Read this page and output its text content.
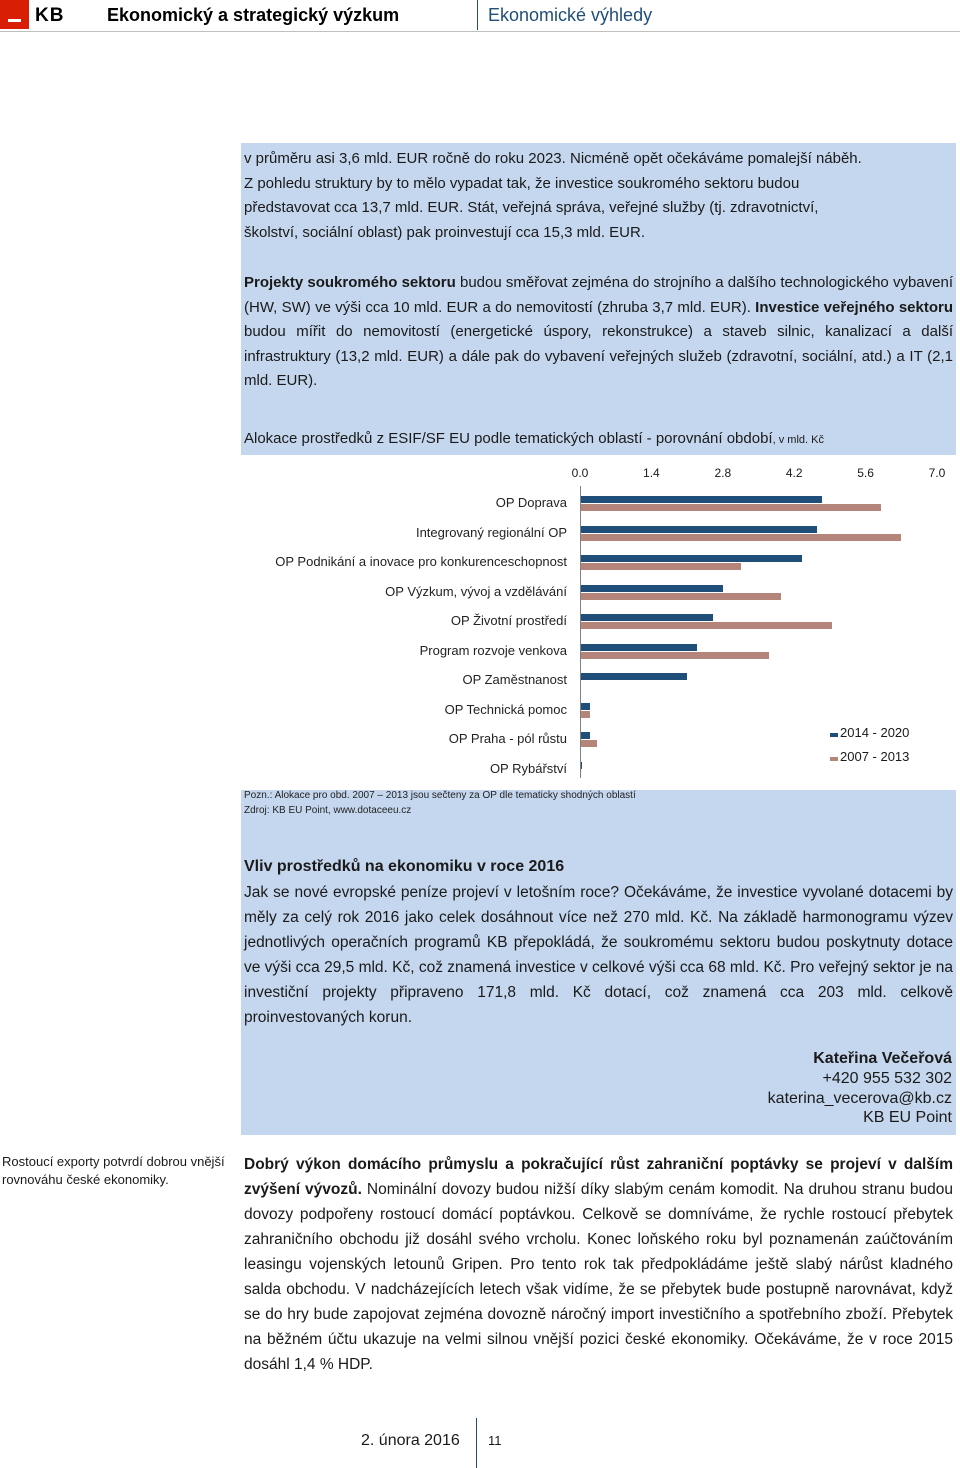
KB Ekonomický a strategický výzkum	Ekonomické výhledy
v průměru asi 3,6 mld. EUR ročně do roku 2023. Nicméně opět očekáváme pomalejší náběh.
Z pohledu struktury by to mělo vypadat tak, že investice soukromého sektoru budou
představovat cca 13,7 mld. EUR. Stát, veřejná správa, veřejné služby (tj. zdravotnictví,
školství, sociální oblast) pak proinvestují cca 15,3 mld. EUR.
Projekty soukromého sektoru budou směřovat zejména do strojního a dalšího technologického vybavení (HW, SW) ve výši cca 10 mld. EUR a do nemovitostí (zhruba 3,7 mld. EUR). Investice veřejného sektoru budou mířit do nemovitostí (energetické úspory, rekonstrukce) a staveb silnic, kanalizací a další infrastruktury (13,2 mld. EUR) a dále pak do vybavení veřejných služeb (zdravotní, sociální, atd.) a IT (2,1 mld. EUR).
Alokace prostředků z ESIF/SF EU podle tematických oblastí - porovnání období, v mld. Kč
0.0	1.4	2.8	4.2	5.6	7.0
OP Doprava
Integrovaný regionální OP
OP Podnikání a inovace pro konkurenceschopnost
OP Výzkum, vývoj a vzdělávání
OP Životní prostředí
Program rozvoje venkova
OP Zaměstnanost
OP Technická pomoc
OP Praha - pól růstu
OP Rybářství
2014 - 2020
2007 - 2013
Pozn.: Alokace pro obd. 2007 – 2013 jsou sečteny za OP dle tematicky shodných oblastí
Zdroj: KB EU Point, www.dotaceeu.cz
Vliv prostředků na ekonomiku v roce 2016
Jak se nové evropské peníze projeví v letošním roce? Očekáváme, že investice vyvolané dotacemi by měly za celý rok 2016 jako celek dosáhnout více než 270 mld. Kč. Na základě harmonogramu výzev jednotlivých operačních programů KB přepokládá, že soukromému sektoru budou poskytnuty dotace ve výši cca 29,5 mld. Kč, což znamená investice v celkové výši cca 68 mld. Kč. Pro veřejný sektor je na investiční projekty připraveno 171,8 mld. Kč dotací, což znamená cca 203 mld. celkově proinvestovaných korun.
Kateřina Večeřová
+420 955 532 302
katerina_vecerova@kb.cz
KB EU Point
Rostoucí exporty potvrdí dobrou vnější rovnováhu české ekonomiky.
Dobrý výkon domácího průmyslu a pokračující růst zahraniční poptávky se projeví v dalším zvýšení vývozů. Nominální dovozy budou nižší díky slabým cenám komodit. Na druhou stranu budou dovozy podpořeny rostoucí domácí poptávkou. Celkově se domníváme, že rychle rostoucí přebytek zahraničního obchodu již dosáhl svého vrcholu. Konec loňského roku byl poznamenán zaúčtováním leasingu vojenských letounů Gripen. Pro tento rok tak předpokládáme ještě slabý nárůst kladného salda obchodu. V nadcházejících letech však vidíme, že se přebytek bude postupně narovnávat, když se do hry bude zapojovat zejména dovozně náročný import investičního a spotřebního zboží. Přebytek na běžném účtu ukazuje na velmi silnou vnější pozici české ekonomiky. Očekáváme, že v roce 2015 dosáhl 1,4 % HDP.
2. února 2016 11
